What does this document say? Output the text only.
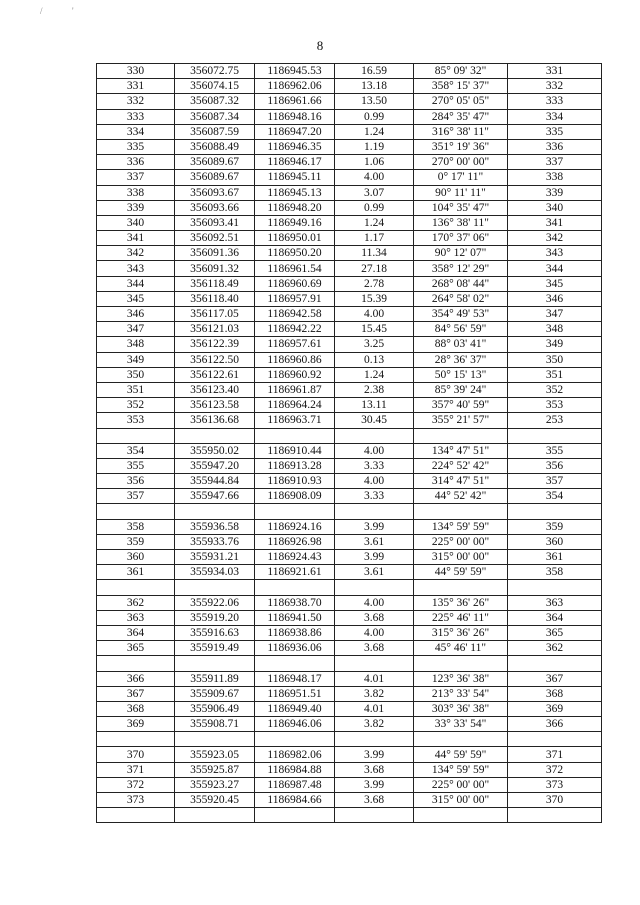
/	'
8
330	356072.75	1186945.53	16.59	85° 09' 32"	331
331	356074.15	1186962.06	13.18	358° 15' 37"	332
332	356087.32	1186961.66	13.50	270° 05' 05"	333
333	356087.34	1186948.16	0.99	284° 35' 47"	334
334	356087.59	1186947.20	1.24	316° 38' 11"	335
335	356088.49	1186946.35	1.19	351° 19' 36"	336
336	356089.67	1186946.17	1.06	270° 00' 00"	337
337	356089.67	1186945.11	4.00	0° 17' 11"	338
338	356093.67	1186945.13	3.07	90° 11' 11"	339
339	356093.66	1186948.20	0.99	104° 35' 47"	340
340	356093.41	1186949.16	1.24	136° 38' 11"	341
341	356092.51	1186950.01	1.17	170° 37' 06"	342
342	356091.36	1186950.20	11.34	90° 12' 07"	343
343	356091.32	1186961.54	27.18	358° 12' 29"	344
344	356118.49	1186960.69	2.78	268° 08' 44"	345
345	356118.40	1186957.91	15.39	264° 58' 02"	346
346	356117.05	1186942.58	4.00	354° 49' 53"	347
347	356121.03	1186942.22	15.45	84° 56' 59"	348
348	356122.39	1186957.61	3.25	88° 03' 41"	349
349	356122.50	1186960.86	0.13	28° 36' 37"	350
350	356122.61	1186960.92	1.24	50° 15' 13"	351
351	356123.40	1186961.87	2.38	85° 39' 24"	352
352	356123.58	1186964.24	13.11	357° 40' 59"	353
353	356136.68	1186963.71	30.45	355° 21' 57"	253

354	355950.02	1186910.44	4.00	134° 47' 51"	355
355	355947.20	1186913.28	3.33	224° 52' 42"	356
356	355944.84	1186910.93	4.00	314° 47' 51"	357
357	355947.66	1186908.09	3.33	44° 52' 42"	354

358	355936.58	1186924.16	3.99	134° 59' 59"	359
359	355933.76	1186926.98	3.61	225° 00' 00"	360
360	355931.21	1186924.43	3.99	315° 00' 00"	361
361	355934.03	1186921.61	3.61	44° 59' 59"	358

362	355922.06	1186938.70	4.00	135° 36' 26"	363
363	355919.20	1186941.50	3.68	225° 46' 11"	364
364	355916.63	1186938.86	4.00	315° 36' 26"	365
365	355919.49	1186936.06	3.68	45° 46' 11"	362

366	355911.89	1186948.17	4.01	123° 36' 38"	367
367	355909.67	1186951.51	3.82	213° 33' 54"	368
368	355906.49	1186949.40	4.01	303° 36' 38"	369
369	355908.71	1186946.06	3.82	33° 33' 54"	366

370	355923.05	1186982.06	3.99	44° 59' 59"	371
371	355925.87	1186984.88	3.68	134° 59' 59"	372
372	355923.27	1186987.48	3.99	225° 00' 00"	373
373	355920.45	1186984.66	3.68	315° 00' 00"	370
